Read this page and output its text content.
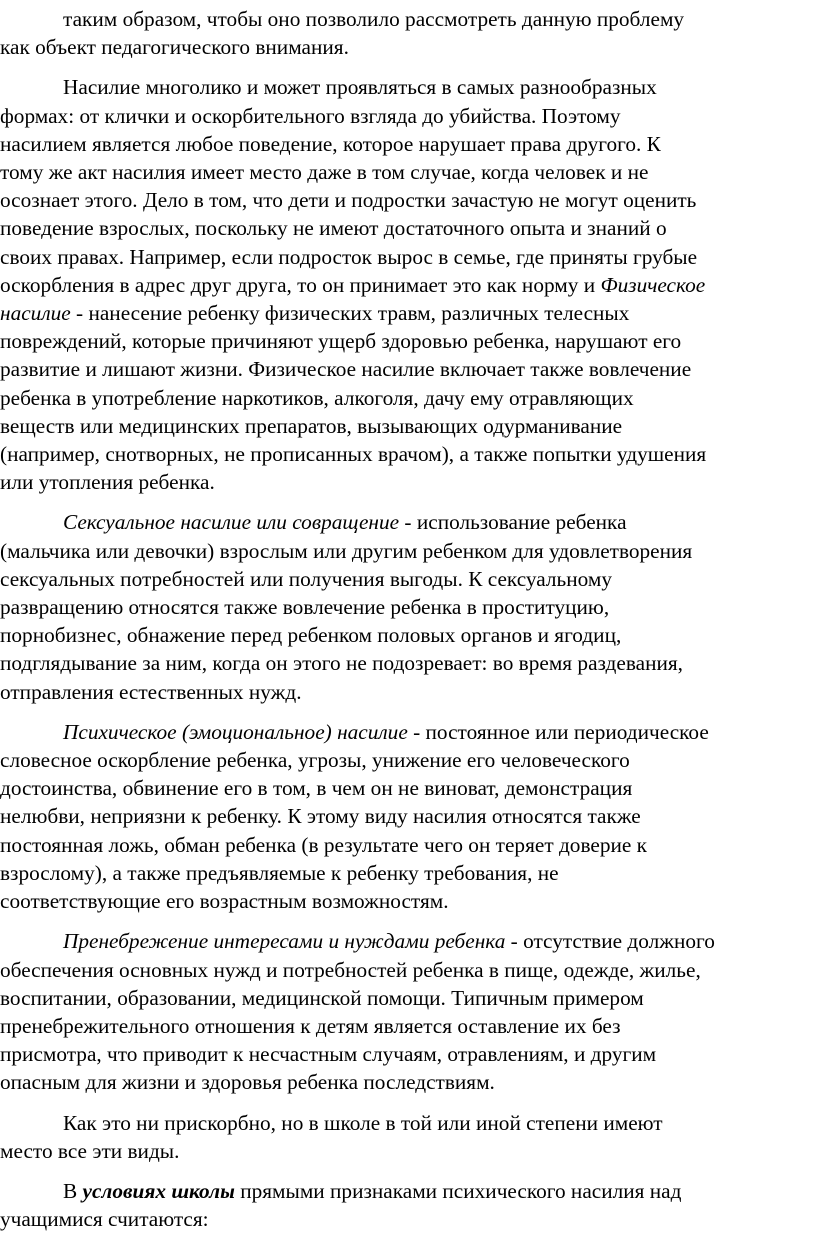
таким образом, чтобы оно позволило рассмотреть данную проблему
как объект педагогического внимания.
Насилие многолико и может проявляться в самых разнообразных
формах: от клички и оскорбительного взгляда до убийства. Поэтому
насилием является любое поведение, которое нарушает права другого. К
тому же акт насилия имеет место даже в том случае, когда человек и не
осознает этого. Дело в том, что дети и подростки зачастую не могут оценить
поведение взрослых, поскольку не имеют достаточного опыта и знаний о
своих правах. Например, если подросток вырос в семье, где приняты грубые
оскорбления в адрес друг друга, то он принимает это как норму и Физическое
насилие - нанесение ребенку физических травм, различных телесных
повреждений, которые причиняют ущерб здоровью ребенка, нарушают его
развитие и лишают жизни. Физическое насилие включает также вовлечение
ребенка в употребление наркотиков, алкоголя, дачу ему отравляющих
веществ или медицинских препаратов, вызывающих одурманивание
(например, снотворных, не прописанных врачом), а также попытки удушения
или утопления ребенка.
Сексуальное насилие или совращение - использование ребенка
(мальчика или девочки) взрослым или другим ребенком для удовлетворения
сексуальных потребностей или получения выгоды. К сексуальному
развращению относятся также вовлечение ребенка в проституцию,
порнобизнес, обнажение перед ребенком половых органов и ягодиц,
подглядывание за ним, когда он этого не подозревает: во время раздевания,
отправления естественных нужд.
Психическое (эмоциональное) насилие - постоянное или периодическое
словесное оскорбление ребенка, угрозы, унижение его человеческого
достоинства, обвинение его в том, в чем он не виноват, демонстрация
нелюбви, неприязни к ребенку. К этому виду насилия относятся также
постоянная ложь, обман ребенка (в результате чего он теряет доверие к
взрослому), а также предъявляемые к ребенку требования, не
соответствующие его возрастным возможностям.
Пренебрежение интересами и нуждами ребенка - отсутствие должного
обеспечения основных нужд и потребностей ребенка в пище, одежде, жилье,
воспитании, образовании, медицинской помощи. Типичным примером
пренебрежительного отношения к детям является оставление их без
присмотра, что приводит к несчастным случаям, отравлениям, и другим
опасным для жизни и здоровья ребенка последствиям.
Как это ни прискорбно, но в школе в той или иной степени имеют
место все эти виды.
В условиях школы прямыми признаками психического насилия над
учащимися считаются:
